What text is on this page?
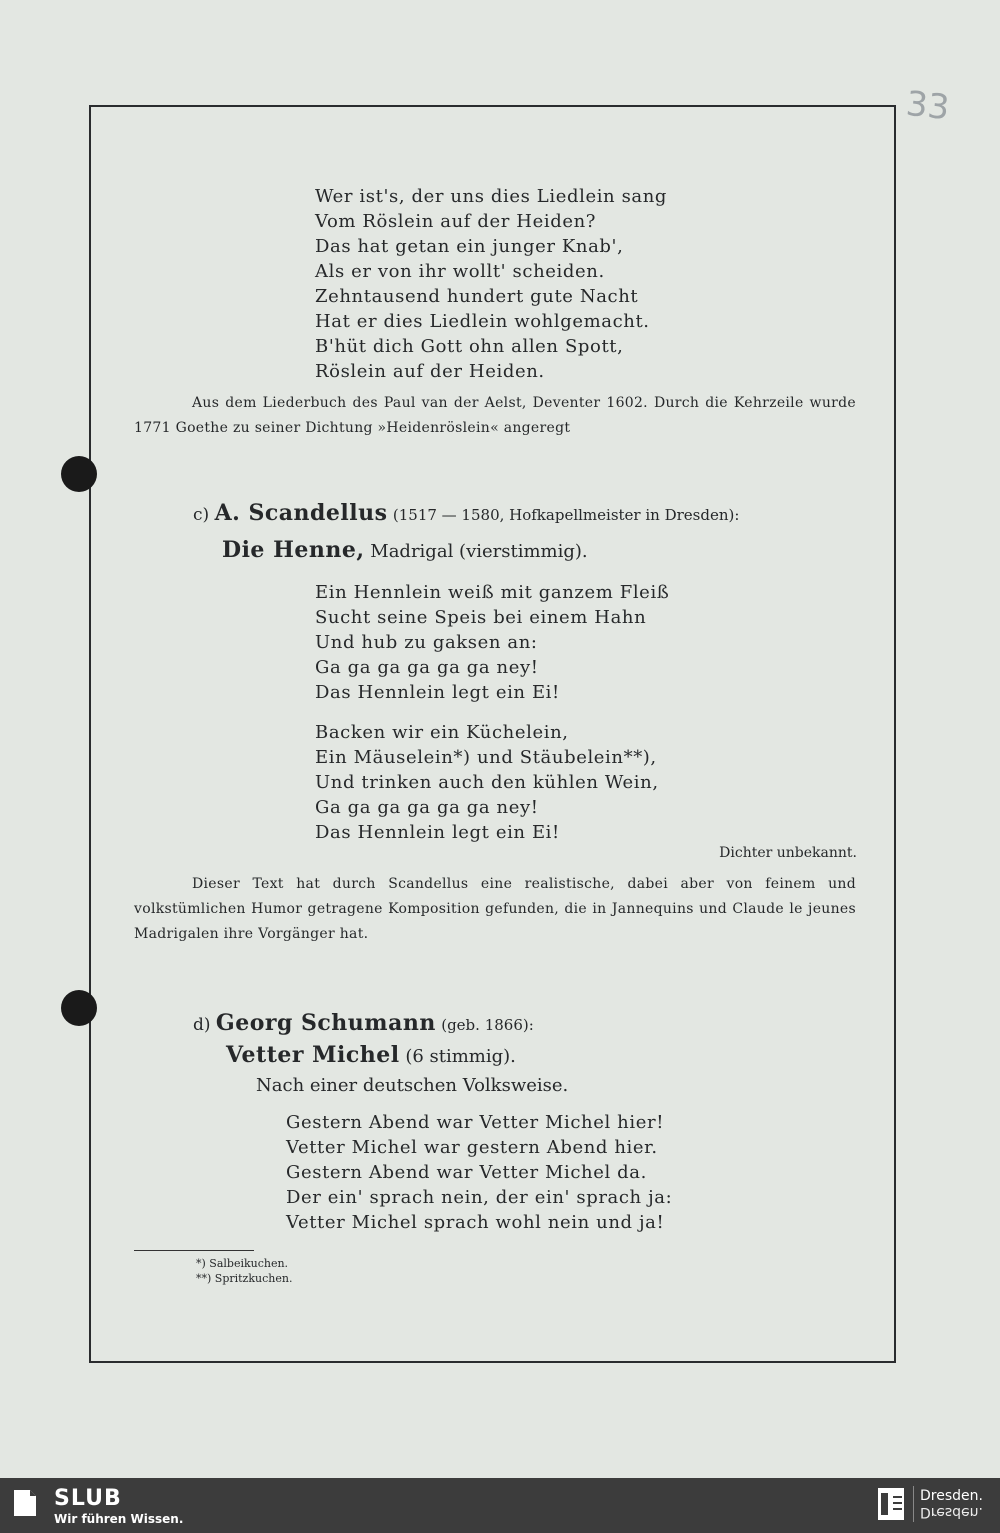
33
Wer ist's, der uns dies Liedlein sang
Vom Röslein auf der Heiden?
Das hat getan ein junger Knab',
Als er von ihr wollt' scheiden.
Zehntausend hundert gute Nacht
Hat er dies Liedlein wohlgemacht.
B'hüt dich Gott ohn allen Spott,
Röslein auf der Heiden.
Aus dem Liederbuch des Paul van der Aelst, Deventer 1602. Durch die Kehrzeile wurde 1771 Goethe zu seiner Dichtung »Heidenröslein« angeregt
c) A. Scandellus (1517 — 1580, Hofkapellmeister in Dresden):
Die Henne, Madrigal (vierstimmig).
Ein Hennlein weiß mit ganzem Fleiß
Sucht seine Speis bei einem Hahn
Und hub zu gaksen an:
Ga ga ga ga ga ga ney!
Das Hennlein legt ein Ei!
Backen wir ein Küchelein,
Ein Mäuselein*) und Stäubelein**),
Und trinken auch den kühlen Wein,
Ga ga ga ga ga ga ney!
Das Hennlein legt ein Ei!
Dichter unbekannt.
Dieser Text hat durch Scandellus eine realistische, dabei aber von feinem und volkstümlichen Humor getragene Komposition gefunden, die in Jannequins und Claude le jeunes Madrigalen ihre Vorgänger hat.
d) Georg Schumann (geb. 1866):
Vetter Michel (6 stimmig).
Nach einer deutschen Volksweise.
Gestern Abend war Vetter Michel hier!
Vetter Michel war gestern Abend hier.
Gestern Abend war Vetter Michel da.
Der ein' sprach nein, der ein' sprach ja:
Vetter Michel sprach wohl nein und ja!
*) Salbeikuchen.
**) Spritzkuchen.
SLUB
Wir führen Wissen.
Dresden.
Dresden.
